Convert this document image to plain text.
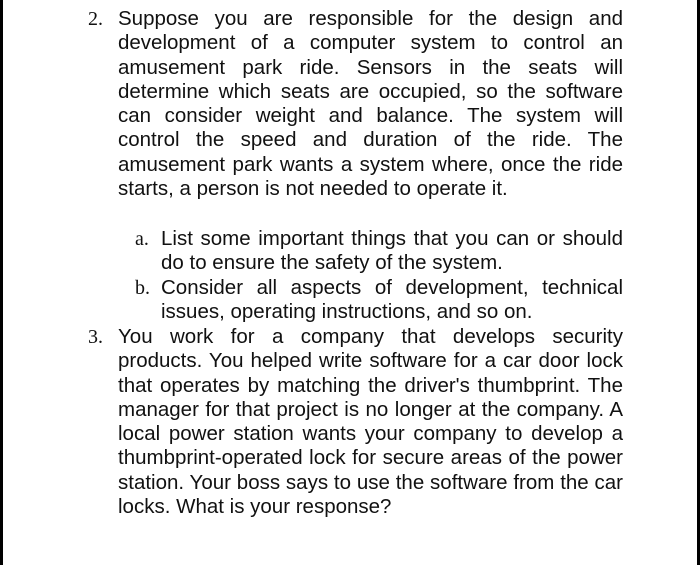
2. Suppose you are responsible for the design and development of a computer system to control an amusement park ride. Sensors in the seats will determine which seats are occupied, so the software can consider weight and balance. The system will control the speed and duration of the ride. The amusement park wants a system where, once the ride starts, a person is not needed to operate it.
a. List some important things that you can or should do to ensure the safety of the system.
b. Consider all aspects of development, technical issues, operating instructions, and so on.
3. You work for a company that develops security products. You helped write software for a car door lock that operates by matching the driver's thumbprint. The manager for that project is no longer at the company. A local power station wants your company to develop a thumbprint-operated lock for secure areas of the power station. Your boss says to use the software from the car locks. What is your response?
